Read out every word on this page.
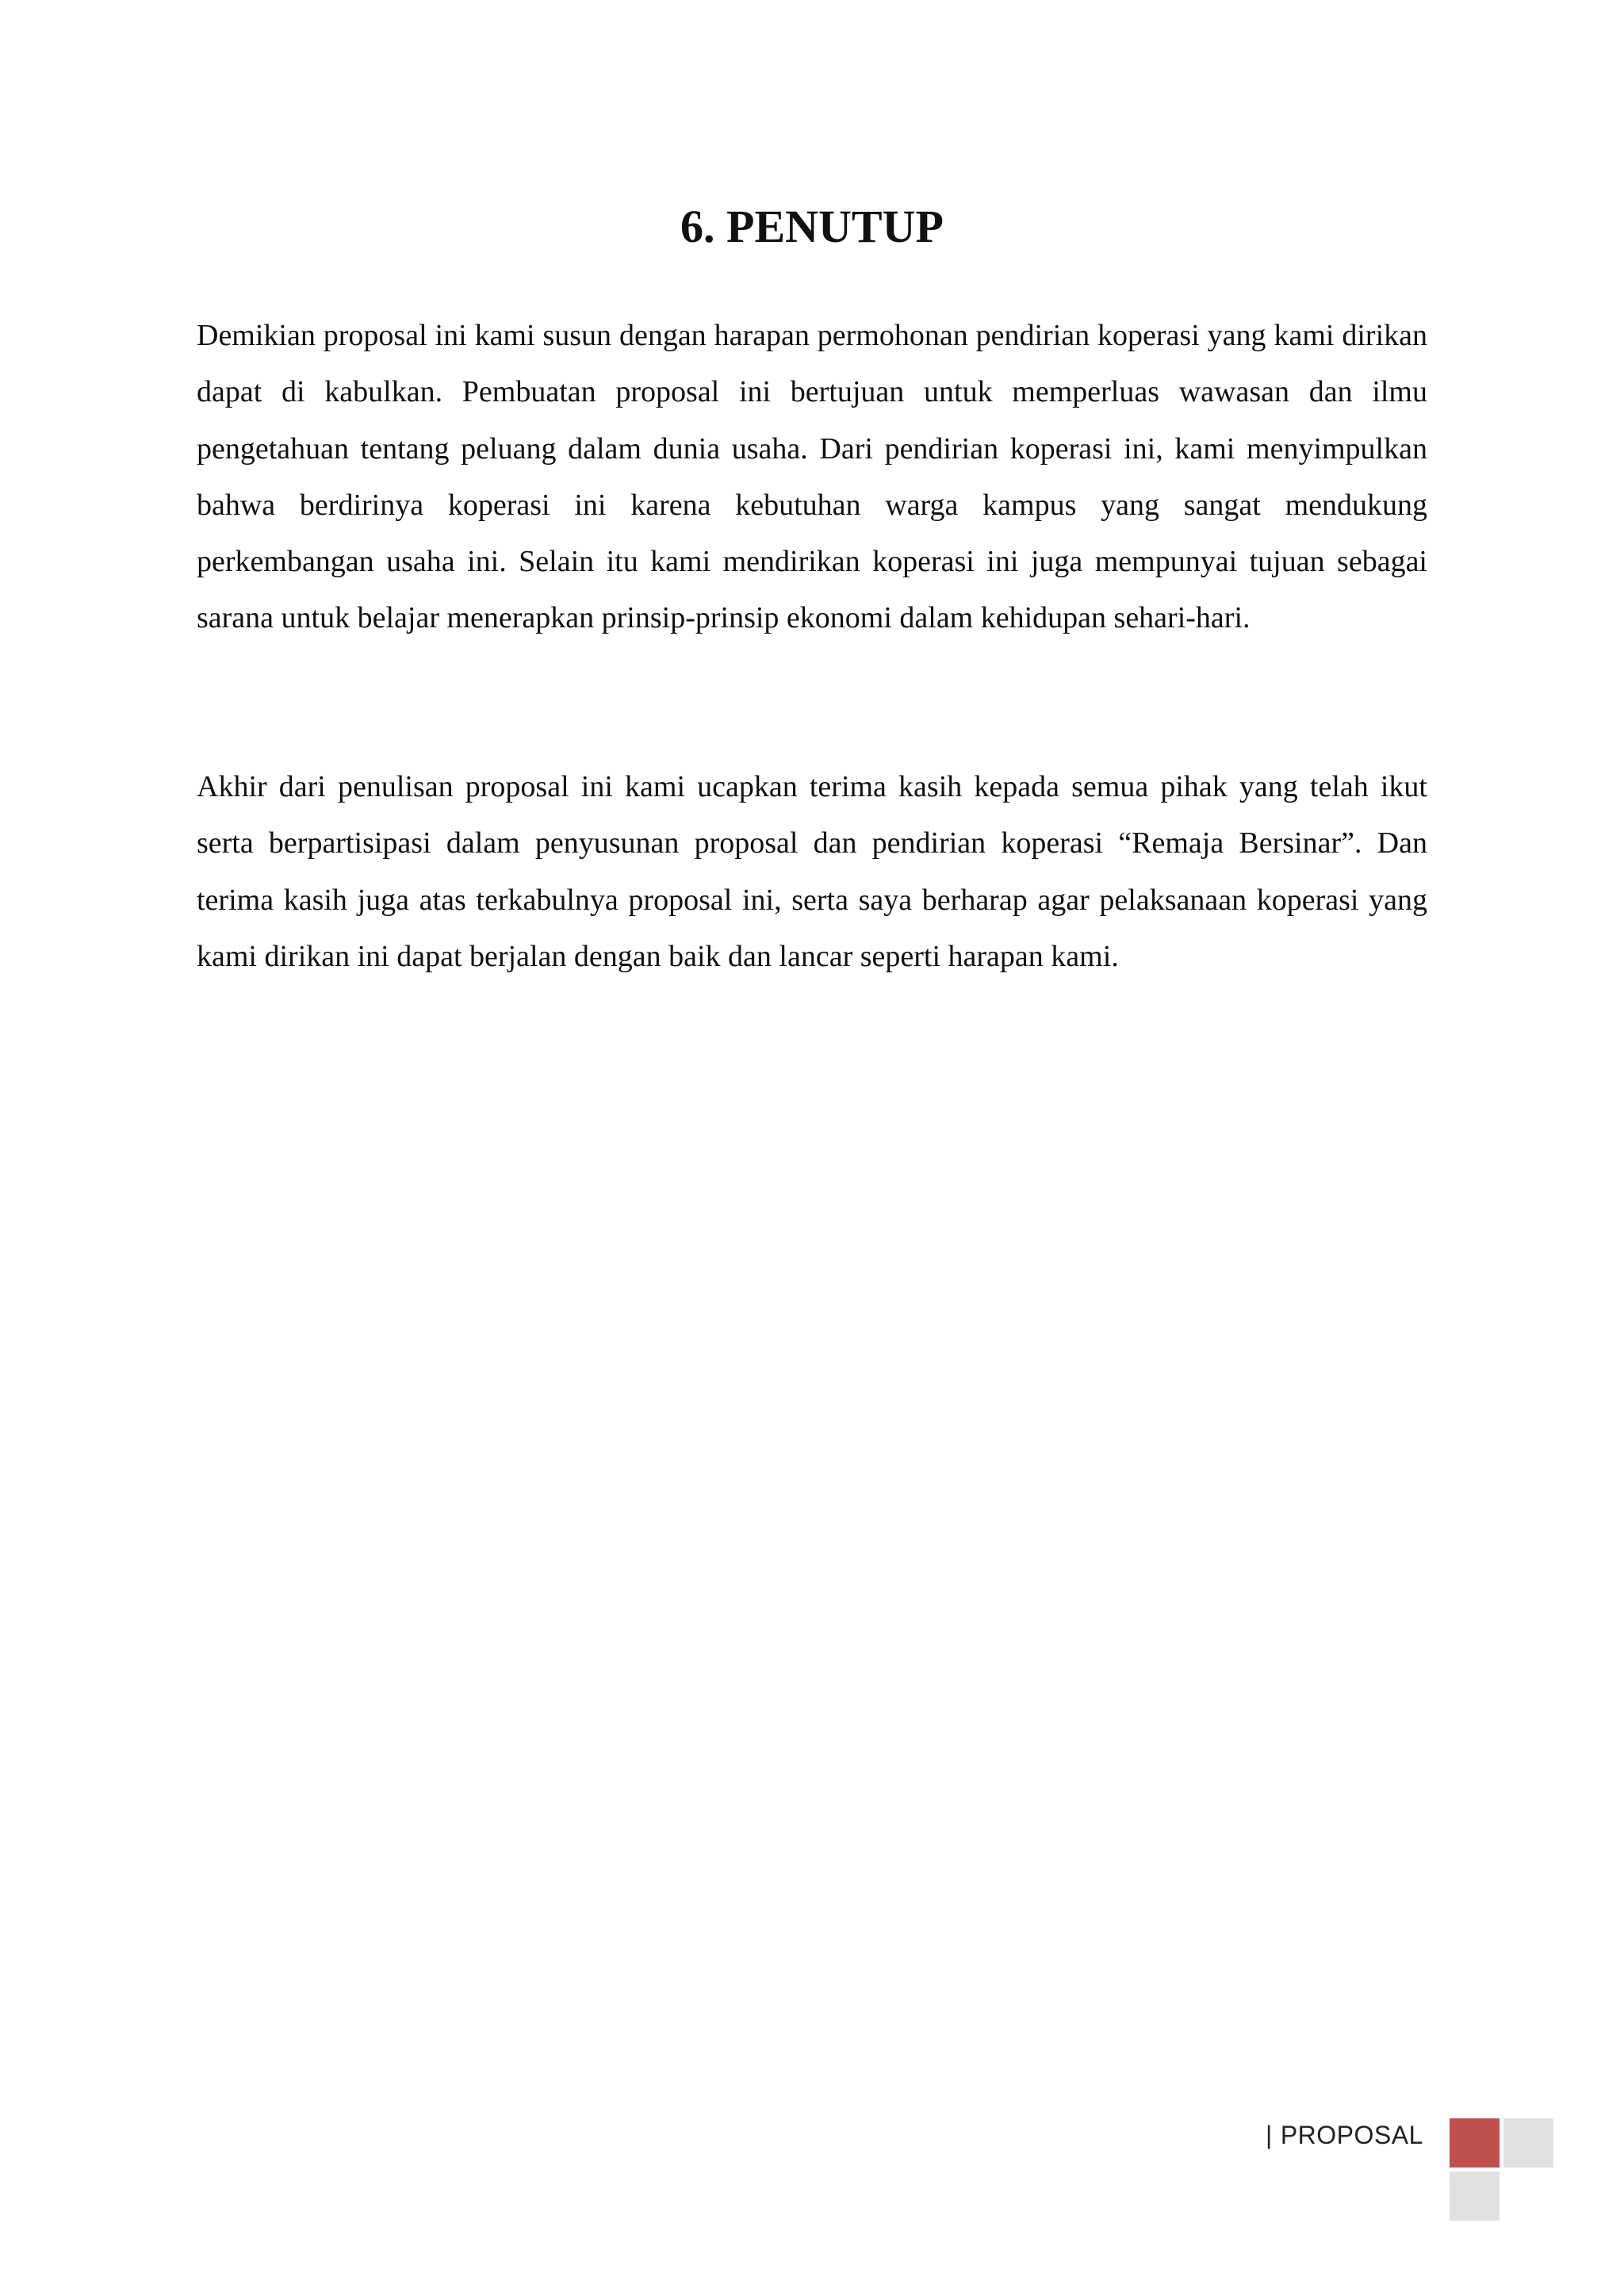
6. PENUTUP

Demikian proposal ini kami susun dengan harapan permohonan pendirian koperasi yang kami dirikan dapat di kabulkan. Pembuatan proposal ini bertujuan untuk memperluas wawasan dan ilmu pengetahuan tentang peluang dalam dunia usaha. Dari pendirian koperasi ini, kami menyimpulkan bahwa berdirinya koperasi ini karena kebutuhan warga kampus yang sangat mendukung perkembangan usaha ini. Selain itu kami mendirikan koperasi ini juga mempunyai tujuan sebagai sarana untuk belajar menerapkan prinsip-prinsip ekonomi dalam kehidupan sehari-hari.

Akhir dari penulisan proposal ini kami ucapkan terima kasih kepada semua pihak yang telah ikut serta berpartisipasi dalam penyusunan proposal dan pendirian koperasi “Remaja Bersinar”. Dan terima kasih juga atas terkabulnya proposal ini, serta saya berharap agar pelaksanaan koperasi yang kami dirikan ini dapat berjalan dengan baik dan lancar seperti harapan kami.

| PROPOSAL
